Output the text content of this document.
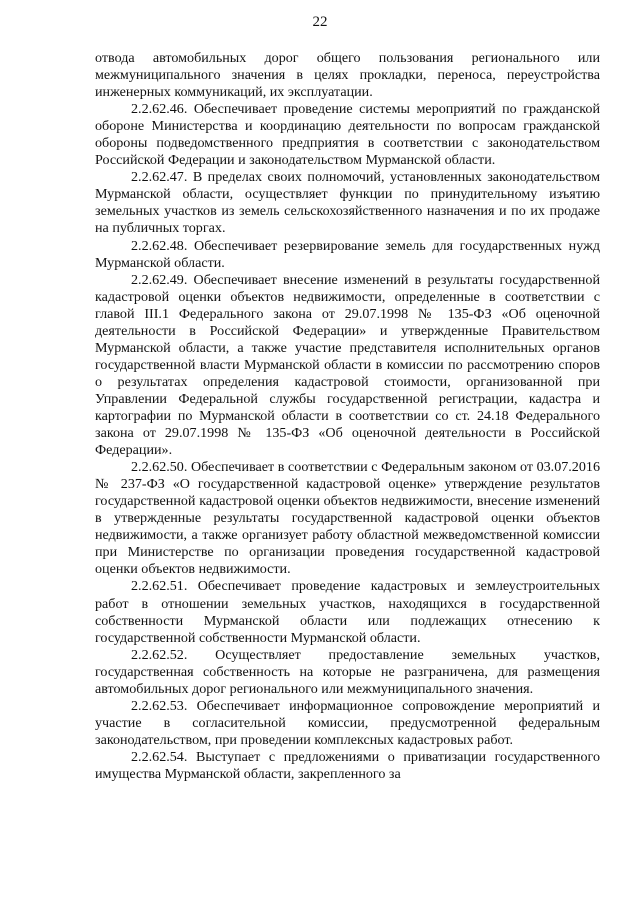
22

отвода автомобильных дорог общего пользования регионального или межмуниципального значения в целях прокладки, переноса, переустройства инженерных коммуникаций, их эксплуатации.

2.2.62.46. Обеспечивает проведение системы мероприятий по гражданской обороне Министерства и координацию деятельности по вопросам гражданской обороны подведомственного предприятия в соответствии с законодательством Российской Федерации и законодательством Мурманской области.

2.2.62.47. В пределах своих полномочий, установленных законодательством Мурманской области, осуществляет функции по принудительному изъятию земельных участков из земель сельскохозяйственного назначения и по их продаже на публичных торгах.

2.2.62.48. Обеспечивает резервирование земель для государственных нужд Мурманской области.

2.2.62.49. Обеспечивает внесение изменений в результаты государственной кадастровой оценки объектов недвижимости, определенные в соответствии с главой III.1 Федерального закона от 29.07.1998 № 135-ФЗ «Об оценочной деятельности в Российской Федерации» и утвержденные Правительством Мурманской области, а также участие представителя исполнительных органов государственной власти Мурманской области в комиссии по рассмотрению споров о результатах определения кадастровой стоимости, организованной при Управлении Федеральной службы государственной регистрации, кадастра и картографии по Мурманской области в соответствии со ст. 24.18 Федерального закона от 29.07.1998 № 135-ФЗ «Об оценочной деятельности в Российской Федерации».

2.2.62.50. Обеспечивает в соответствии с Федеральным законом от 03.07.2016 № 237-ФЗ «О государственной кадастровой оценке» утверждение результатов государственной кадастровой оценки объектов недвижимости, внесение изменений в утвержденные результаты государственной кадастровой оценки объектов недвижимости, а также организует работу областной межведомственной комиссии при Министерстве по организации проведения государственной кадастровой оценки объектов недвижимости.

2.2.62.51. Обеспечивает проведение кадастровых и землеустроительных работ в отношении земельных участков, находящихся в государственной собственности Мурманской области или подлежащих отнесению к государственной собственности Мурманской области.

2.2.62.52. Осуществляет предоставление земельных участков, государственная собственность на которые не разграничена, для размещения автомобильных дорог регионального или межмуниципального значения.

2.2.62.53. Обеспечивает информационное сопровождение мероприятий и участие в согласительной комиссии, предусмотренной федеральным законодательством, при проведении комплексных кадастровых работ.

2.2.62.54. Выступает с предложениями о приватизации государственного имущества Мурманской области, закрепленного за
